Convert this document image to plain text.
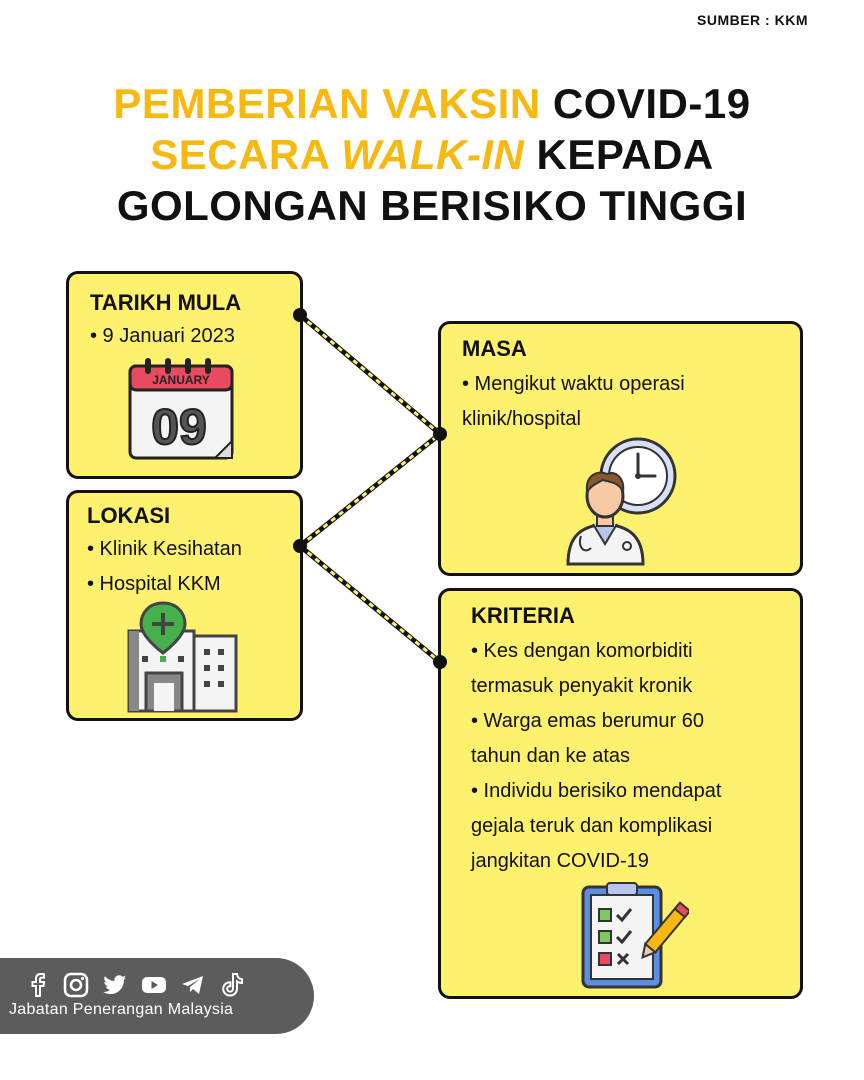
SUMBER : KKM
PEMBERIAN VAKSIN COVID-19
SECARA WALK-IN KEPADA
GOLONGAN BERISIKO TINGGI
TARIKH MULA
• 9 Januari 2023
JANUARY
09
LOKASI
• Klinik Kesihatan
• Hospital KKM
MASA
• Mengikut waktu operasi
klinik/hospital
KRITERIA
• Kes dengan komorbiditi
termasuk penyakit kronik
• Warga emas berumur 60
tahun dan ke atas
• Individu berisiko mendapat
gejala teruk dan komplikasi
jangkitan COVID-19
Jabatan Penerangan Malaysia
